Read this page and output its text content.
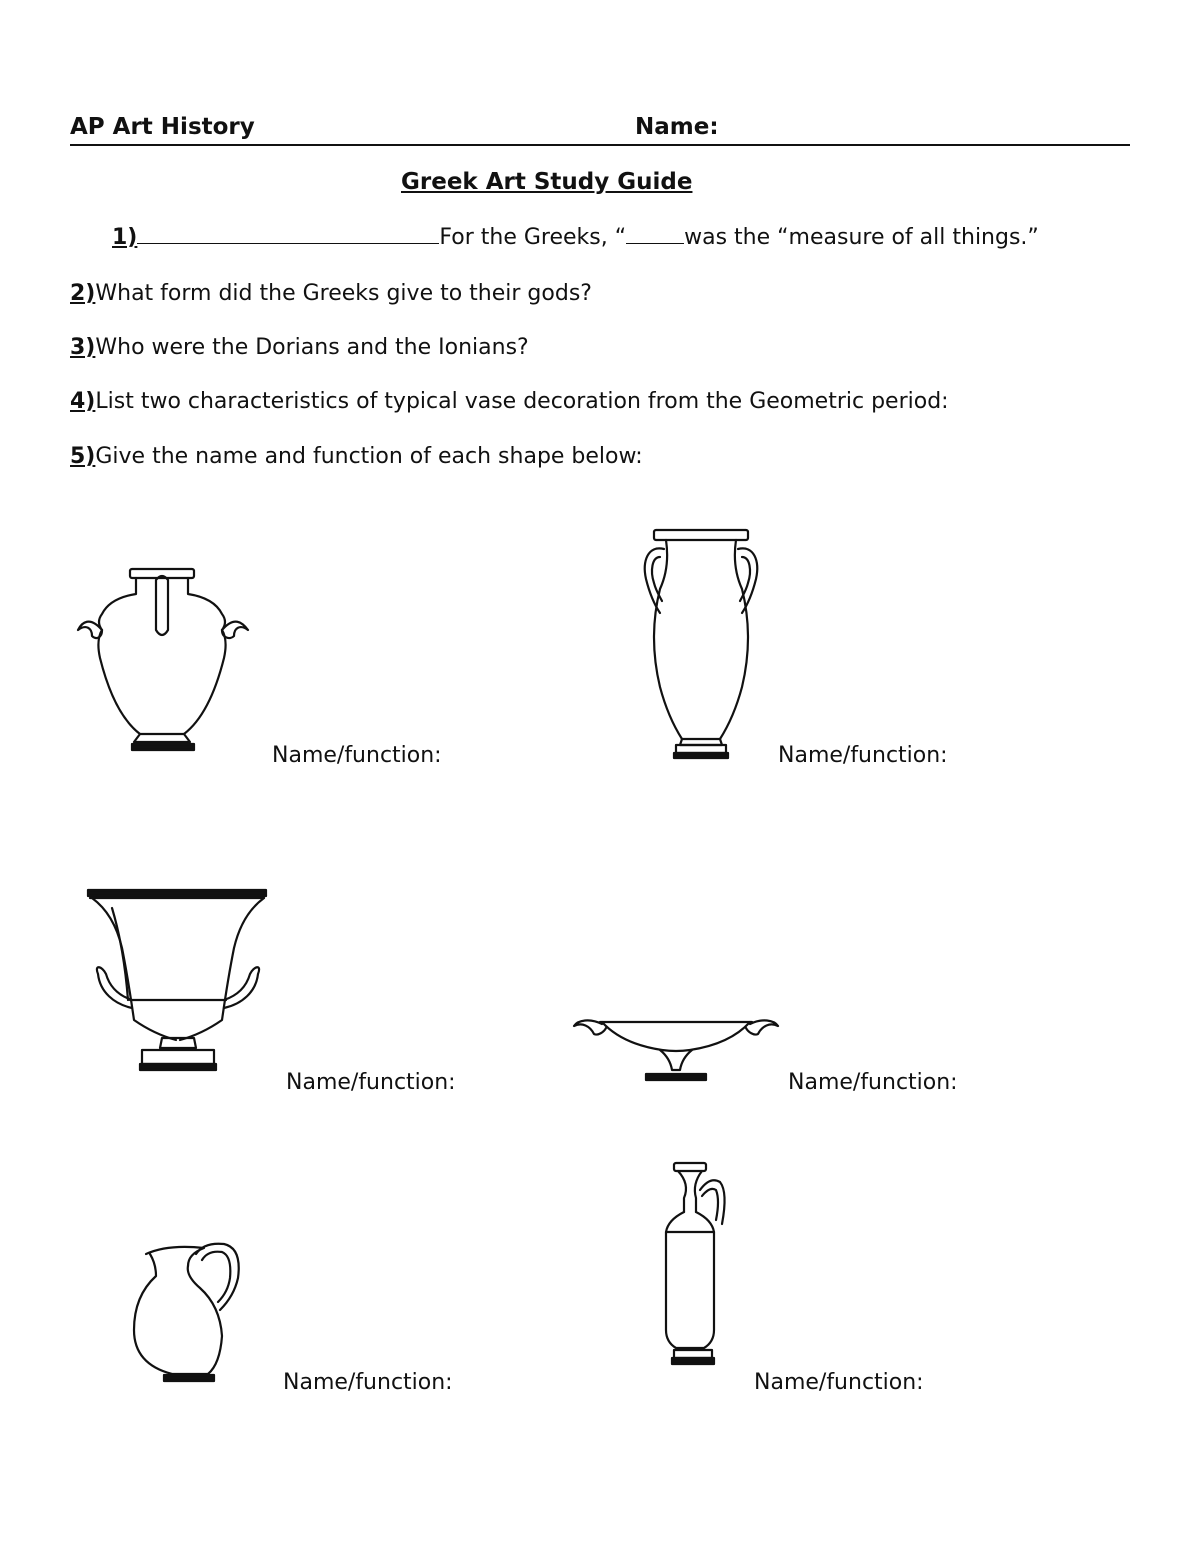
AP Art History	Name:
Greek Art Study Guide
1)	For the Greeks, “	was the “measure of all things.”
2)What form did the Greeks give to their gods?
3)Who were the Dorians and the Ionians?
4)List two characteristics of typical vase decoration from the Geometric period:
5)Give the name and function of each shape below:
Name/function:	Name/function:
Name/function:	Name/function:
Name/function:	Name/function:
